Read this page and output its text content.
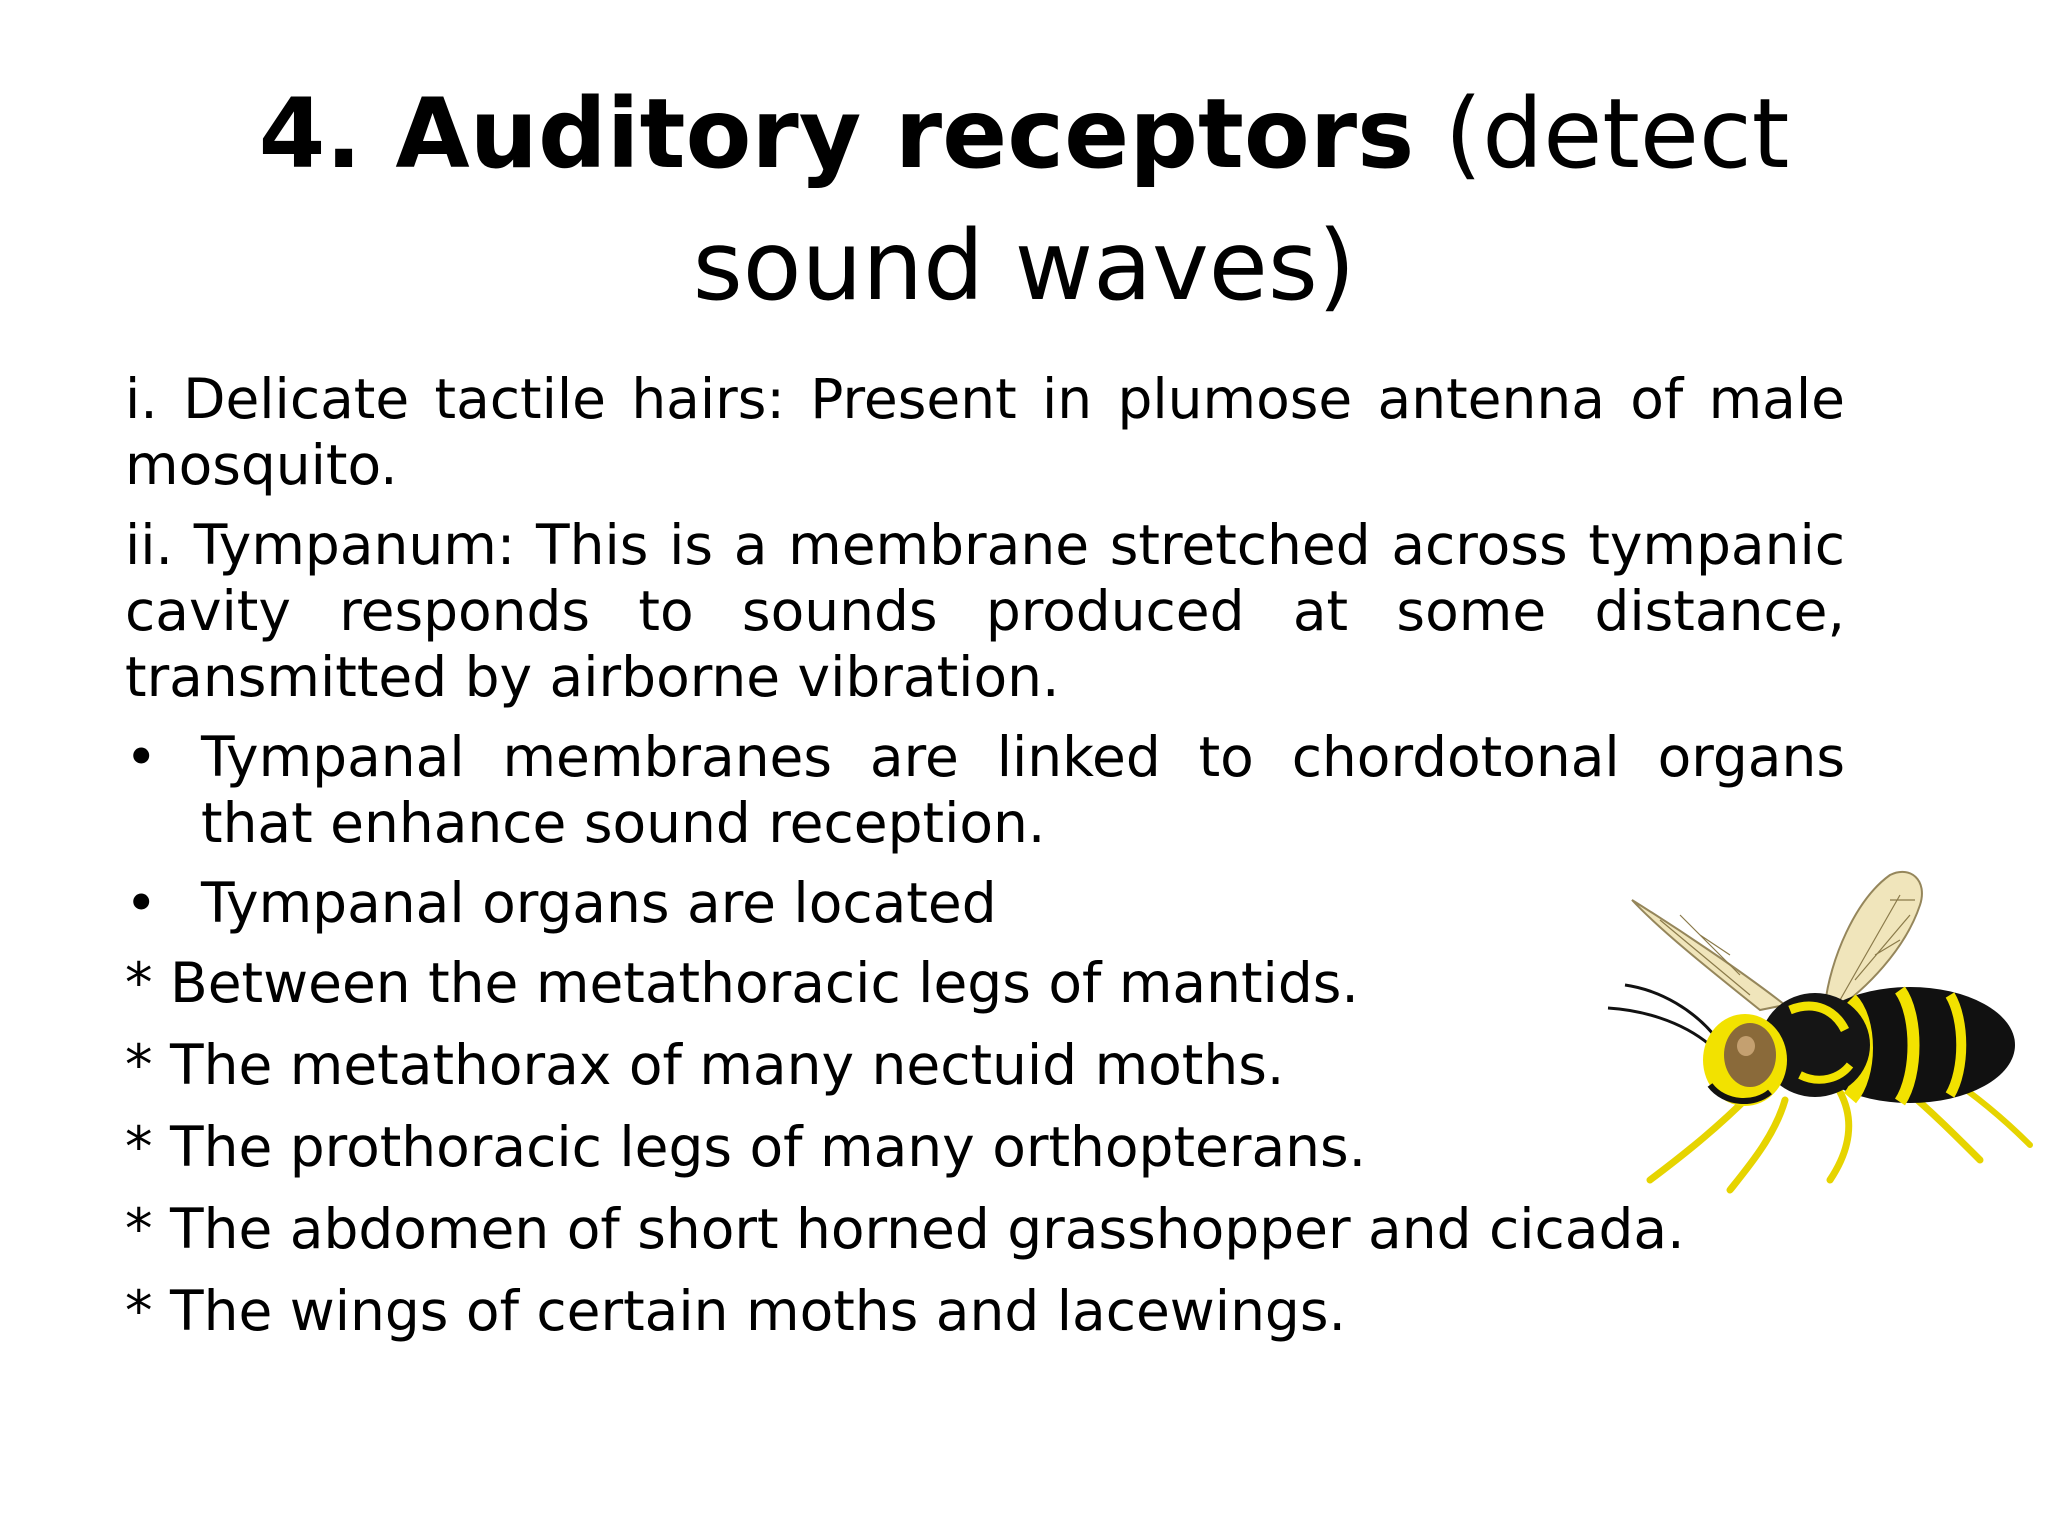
4. Auditory receptors (detect sound waves)

i. Delicate tactile hairs: Present in plumose antenna of male mosquito.

ii. Tympanum: This is a membrane stretched across tympanic cavity responds to sounds produced at some distance, transmitted by airborne vibration.

• Tympanal membranes are linked to chordotonal organs that enhance sound reception.
• Tympanal organs are located
* Between the metathoracic legs of mantids.
* The metathorax of many nectuid moths.
* The prothoracic legs of many orthopterans.
* The abdomen of short horned grasshopper and cicada.
* The wings of certain moths and lacewings.
